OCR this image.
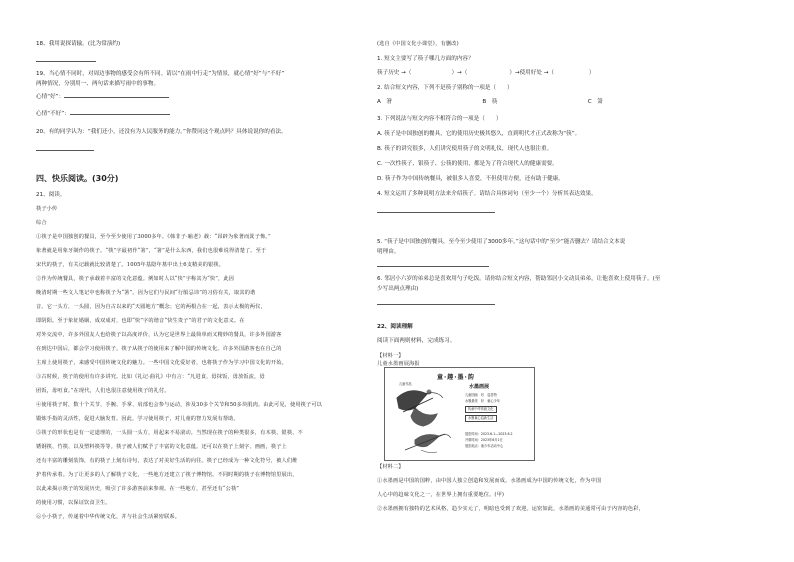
18、我用说探请输。(比为常演约)
19、当心情不同时，对周边事物的感受会有所不同。请以“在雨中行走”为情景，就心情“好”与“不好”
两种情况，分别用一、两句话来描写雨中的事物。
心情“好”：
心情“不好”：
20、有的同学认为：“我们还小，还没有为人民服务的能力。”你赞同这个观点吗？具体说说你的看法。
四、快乐阅读。(30分)
21、阅读。
筷子小传
综合
①筷子是中国独创的餐具，至今至少使用了3000多年。《韩非子·喻老》载：“昂辟为象著而箕子怖。”
象著就是用象牙制作的筷子。“筷”字最初作“箸”，“箸”是什么东西，我们也很难说得清楚了。至于
宋代的筷子，有关记载就比较清楚了。1005年基隐年墓中出土6支精美的银筷。
②作为传统餐具，筷子承载着丰富的文化意蕴。例如时人以“快”字称其为“快”，此因
晚清时期一些文人笔记中也称筷子为“箸”。因为它们与民间“行船忌讳”的习俗有关，取其的谐
音。它一头方，一头圆，因为自古以来的“天圆地方”概念；它的两根合在一起，表示太极的两仪，
即阴阳。至于象征婚姻，成双成对，也即“快”字的谐音“快生贵子”的君子的文化意义。在
对外交流中，许多外国友人也给筷子以高度评价，认为它是世界上最简单而又精妙的餐具，许多外国游客
在到达中国后，都会学习使用筷子。筷子从筷子的使用来了解中国的传统文化。许多外国游客也在自己的
主席上使用筷子，来感受中国传统文化的魅力。一些中国文化爱好者，也将筷子作为学习中国文化的开始。
③古时候，筷子的使用有许多讲究。比如《礼记·曲礼》中有言：“凡进食，毋抹饭，毋放饭流，毋
团饭，毋咺食。”在现代，人们也很注意使用筷子的礼付。
④使用筷子时，数十个关节、手腕、手掌、肩部也会参与运动，涉及30多个关节和50多块肌肉。由此可见，使用筷子可以
锻炼手指的灵活性，促进大脑发育。因此，学习使用筷子，对儿童的智力发展有帮助。
⑤筷子的形状也是有一定道理的，一头圆一头方，用起来不易滚动。当然现在筷子的种类很多，有木筷、银筷、不
锈钢筷、竹筷、以及塑料筷等等。筷子被人们赋予了丰富的文化意蕴。还可以在筷子上刻字、画画，筷子上
还有丰富的雕刻装饰，有的筷子上刻有诗句，表达了对美好生活的向往。筷子已经成为一种文化符号，被人们维
护着传承着。为了让更多的人了解筷子文化，一些地方还建立了筷子博物馆。不同时期的筷子在博物馆里展出，
以此来揭示筷子的发展历史，吸引了许多游客前来参观。在一些地方，甚至还有“公筷”
的使用习惯，以保证饮食卫生。
⑥小小筷子，传递着中华传统文化，并与社会生活紧密联系。
(选自《中国文化小课堂》，有删改)
1. 短文主要写了筷子哪几方面的内容？
筷子历史 →（	）→（	）→使用好处 →（	）
2. 结合短文内容，下列不是筷子别称的一项是（　　）
A　箸	B　筷	C　箫
3. 下列说法与短文内容不相符合的一项是（　　）
A. 筷子是中国独创的餐具，它的使用历史极其悠久，直到明代才正式改称为“筷”。
B. 筷子的讲究很多，人们讲究使用筷子的文明礼仪，现代人也很注重。
C. 一次性筷子、银筷子、公筷的使用，都是为了符合现代人的健康需要。
D. 筷子作为中国传统餐具，被很多人喜爱，不但使用方便，还有助于健康。
4. 短文运用了多种说明方法来介绍筷子。请结合具体词句（至少一个）分析其表达效果。
5. “筷子是中国独创的餐具，至今至少使用了3000多年。”这句话中的“至少”能否删去？请结合文本说
明理由。
6. 邻居小六岁的弟弟总是喜欢用勺子吃饭。请你结合短文内容，帮助邻居小文动员弟弟，让他喜欢上使用筷子。(至
少写出两点理由)
22、阅读理解
阅读下面两则材料，完成练习。
【材料一】
儿童水墨画展海报
【材料二】
①水墨画是中国的国粹，由中国人独立创造和发展而成。水墨画成为中国的传统文化，作为中国
人心中的趋味文化之一，在世界上拥有重要地位。(甲)
②水墨画拥有独特的艺术风格，趋少实元了，明暗也受到了欢迎。运密如此，水墨画的美通常可由于内容的色彩，
童·趣·墨·韵
水墨画展
儿童作品
儿童国画　好　趋答特
水墨最美　好　童心少年
传承中华传统文化
水墨童心趋新生活
展览时间：2023.6.1—2023.6.2
开幕时间：2023年6月1日
展览地点：童少年活动中心
